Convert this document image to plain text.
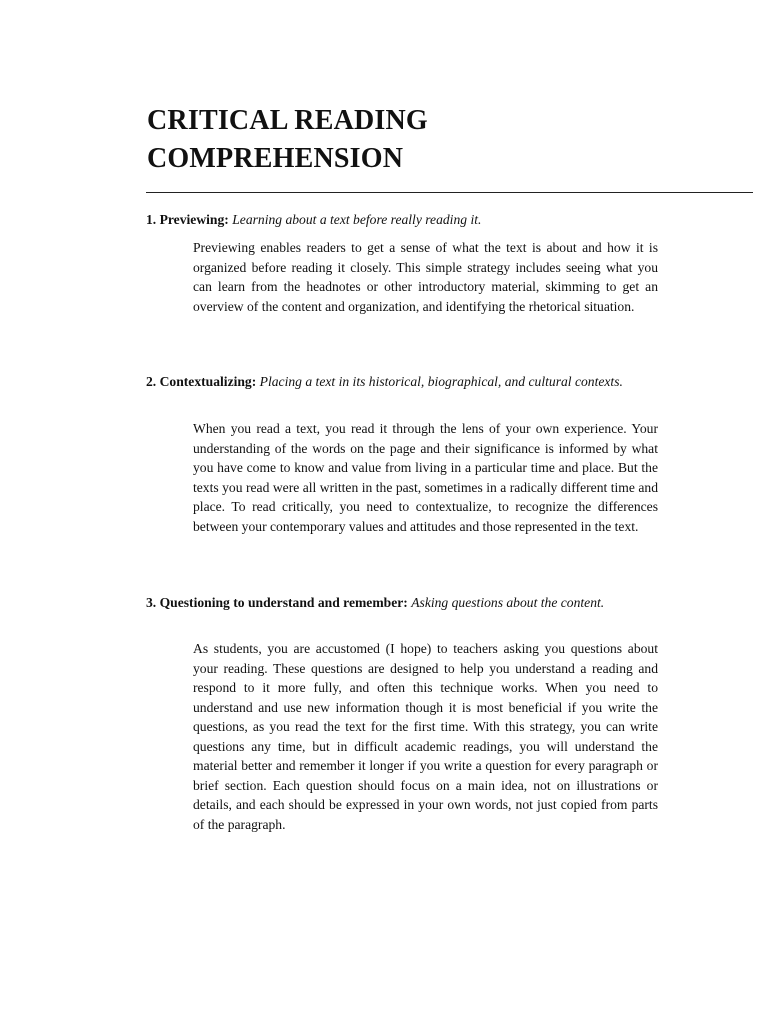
CRITICAL READING
COMPREHENSION

1. Previewing: Learning about a text before really reading it.

Previewing enables readers to get a sense of what the text is about and how it is organized before reading it closely. This simple strategy includes seeing what you can learn from the headnotes or other introductory material, skimming to get an overview of the content and organization, and identifying the rhetorical situation.

2. Contextualizing: Placing a text in its historical, biographical, and cultural contexts.

When you read a text, you read it through the lens of your own experience. Your understanding of the words on the page and their significance is informed by what you have come to know and value from living in a particular time and place. But the texts you read were all written in the past, sometimes in a radically different time and place. To read critically, you need to contextualize, to recognize the differences between your contemporary values and attitudes and those represented in the text.

3. Questioning to understand and remember: Asking questions about the content.

As students, you are accustomed (I hope) to teachers asking you questions about your reading. These questions are designed to help you understand a reading and respond to it more fully, and often this technique works. When you need to understand and use new information though it is most beneficial if you write the questions, as you read the text for the first time. With this strategy, you can write questions any time, but in difficult academic readings, you will understand the material better and remember it longer if you write a question for every paragraph or brief section. Each question should focus on a main idea, not on illustrations or details, and each should be expressed in your own words, not just copied from parts of the paragraph.
